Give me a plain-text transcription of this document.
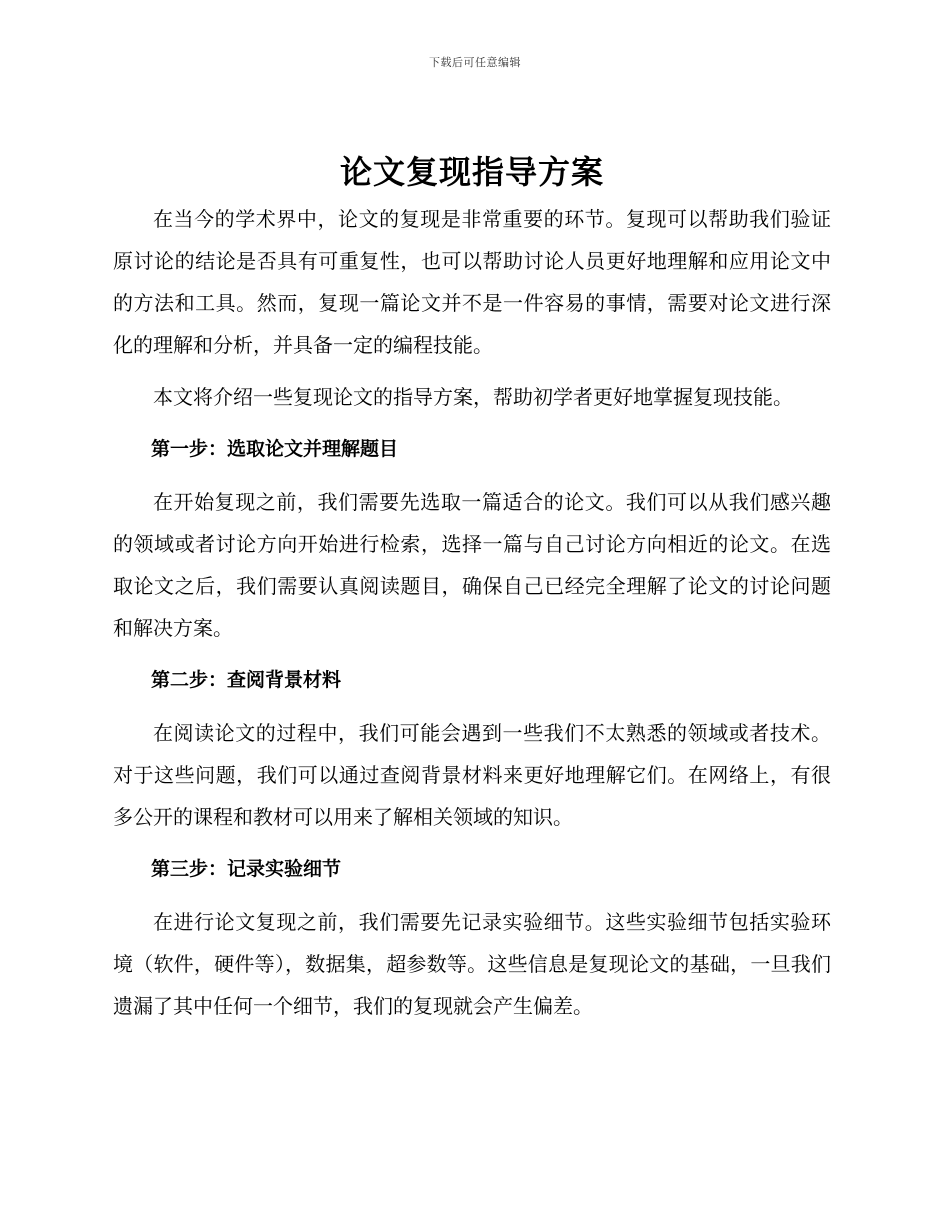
下载后可任意编辑
论文复现指导方案

在当今的学术界中，论文的复现是非常重要的环节。复现可以帮助我们验证原讨论的结论是否具有可重复性，也可以帮助讨论人员更好地理解和应用论文中的方法和工具。然而，复现一篇论文并不是一件容易的事情，需要对论文进行深化的理解和分析，并具备一定的编程技能。

本文将介绍一些复现论文的指导方案，帮助初学者更好地掌握复现技能。

第一步：选取论文并理解题目

在开始复现之前，我们需要先选取一篇适合的论文。我们可以从我们感兴趣的领域或者讨论方向开始进行检索，选择一篇与自己讨论方向相近的论文。在选取论文之后，我们需要认真阅读题目，确保自己已经完全理解了论文的讨论问题和解决方案。

第二步：查阅背景材料

在阅读论文的过程中，我们可能会遇到一些我们不太熟悉的领域或者技术。对于这些问题，我们可以通过查阅背景材料来更好地理解它们。在网络上，有很多公开的课程和教材可以用来了解相关领域的知识。

第三步：记录实验细节

在进行论文复现之前，我们需要先记录实验细节。这些实验细节包括实验环境（软件，硬件等），数据集，超参数等。这些信息是复现论文的基础，一旦我们遗漏了其中任何一个细节，我们的复现就会产生偏差。
